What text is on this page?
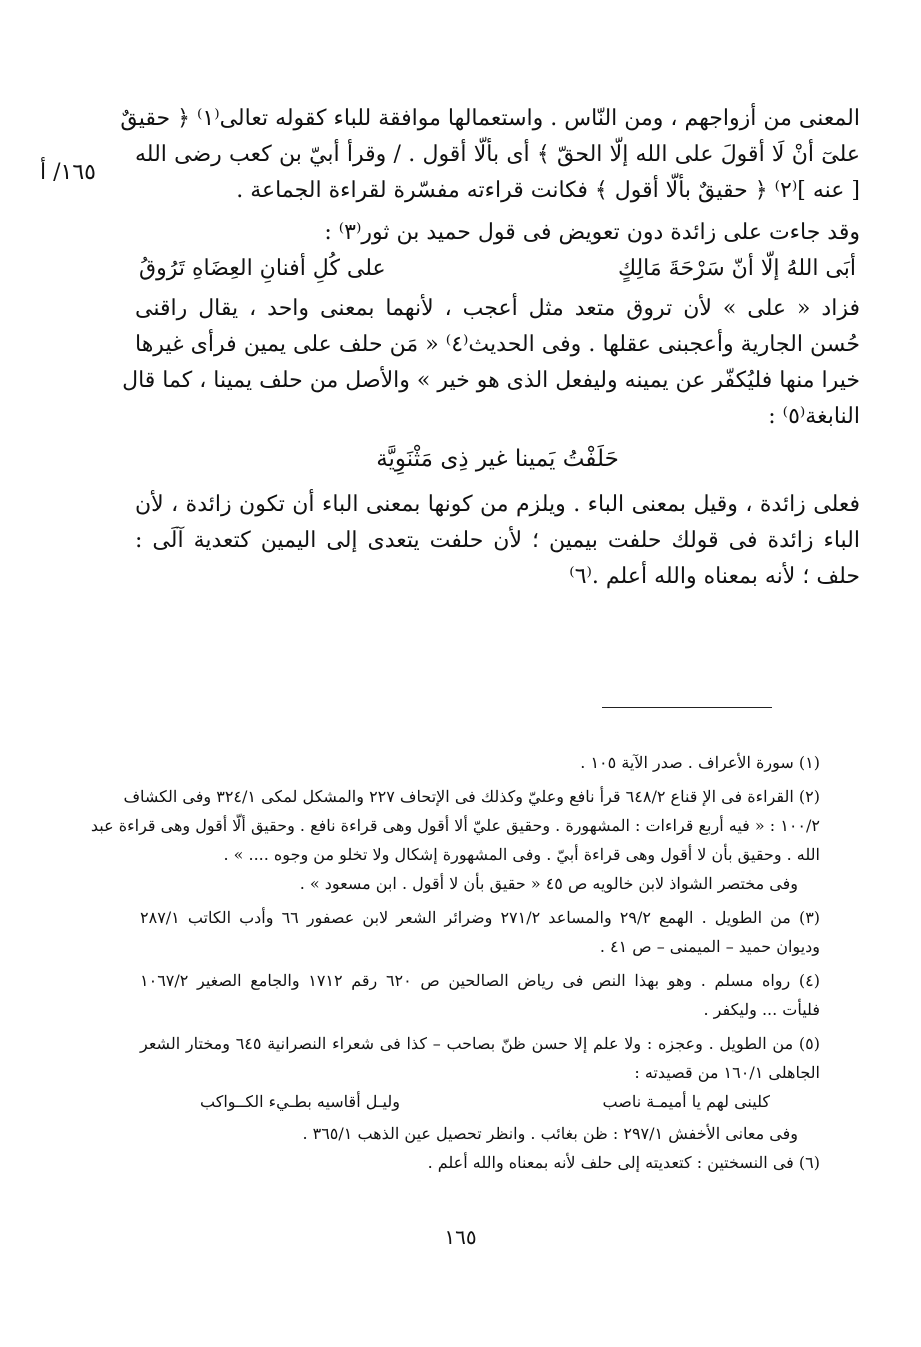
١٦٥/ أ
المعنى من أزواجهم ، ومن النّاس . واستعمالها موافقة للباء كقوله تعالى⁽١⁾ ﴿ حقيقٌ
علىٓ أنْ لَا أقولَ على الله إلّا الحقّ ﴾ أى بألّا أقول . / وقرأ أبيّ بن كعب رضى الله
[ عنه ]⁽٢⁾ ﴿ حقيقٌ بألّا أقول ﴾ فكانت قراءته مفسّرة لقراءة الجماعة .
وقد جاءت على زائدة دون تعويض فى قول حميد بن ثور⁽٣⁾ :
أبَى اللهُ إلّا أنّ سَرْحَةَ مَالِكٍ
على كُلِ أفنانِ العِضَاهِ تَرُوقُ
فزاد « على » لأن تروق متعد مثل أعجب ، لأنهما بمعنى واحد ، يقال راقنى
حُسن الجارية وأعجبنى عقلها . وفى الحديث⁽٤⁾ « مَن حلف على يمين فرأى غيرها
خيرا منها فليُكفّر عن يمينه وليفعل الذى هو خير » والأصل من حلف يمينا ، كما قال
النابغة⁽٥⁾ :
حَلَفْتُ يَمينا غير ذِى مَثْنَوِيَّة
فعلى زائدة ، وقيل بمعنى الباء . ويلزم من كونها بمعنى الباء أن تكون زائدة ، لأن
الباء زائدة فى قولك حلفت بيمين ؛ لأن حلفت يتعدى إلى اليمين كتعدية آلَى :
حلف ؛ لأنه بمعناه والله أعلم .⁽٦⁾
(١) سورة الأعراف . صدر الآية ١٠٥ .
(٢) القراءة فى الإ قناع ٦٤٨/٢ قرأ نافع وعليّ وكذلك فى الإتحاف ٢٢٧ والمشكل لمكى ٣٢٤/١ وفى الكشاف
١٠٠/٢ : « فيه أربع قراءات : المشهورة . وحقيق عليّ ألا أقول وهى قراءة نافع . وحقيق ألّا أقول وهى قراءة عبد
الله . وحقيق بأن لا أقول وهى قراءة أبيّ . وفى المشهورة إشكال ولا تخلو من وجوه .... » .
وفى مختصر الشواذ لابن خالويه ص ٤٥ « حقيق بأن لا أقول . ابن مسعود » .
(٣) من الطويل . الهمع ٢٩/٢ والمساعد ٢٧١/٢ وضرائر الشعر لابن عصفور ٦٦ وأدب الكاتب ٢٨٧/١
وديوان حميد – الميمنى – ص ٤١ .
(٤) رواه مسلم . وهو بهذا النص فى رياض الصالحين ص ٦٢٠ رقم ١٧١٢ والجامع الصغير ١٠٦٧/٢
فليأت ... وليكفر .
(٥) من الطويل . وعجزه : ولا علم إلا حسن ظنّ بصاحب – كذا فى شعراء النصرانية ٦٤٥ ومختار الشعر
الجاهلى ١٦٠/١ من قصيدته :
كلينى لهم يا أميمـة ناصب
وليـل أقاسيه بطـيء الكــواكب
وفى معانى الأخفش ٢٩٧/١ : ظن بغائب . وانظر تحصيل عين الذهب ٣٦٥/١ .
(٦) فى النسختين : كتعديته إلى حلف لأنه بمعناه والله أعلم .
١٦٥
